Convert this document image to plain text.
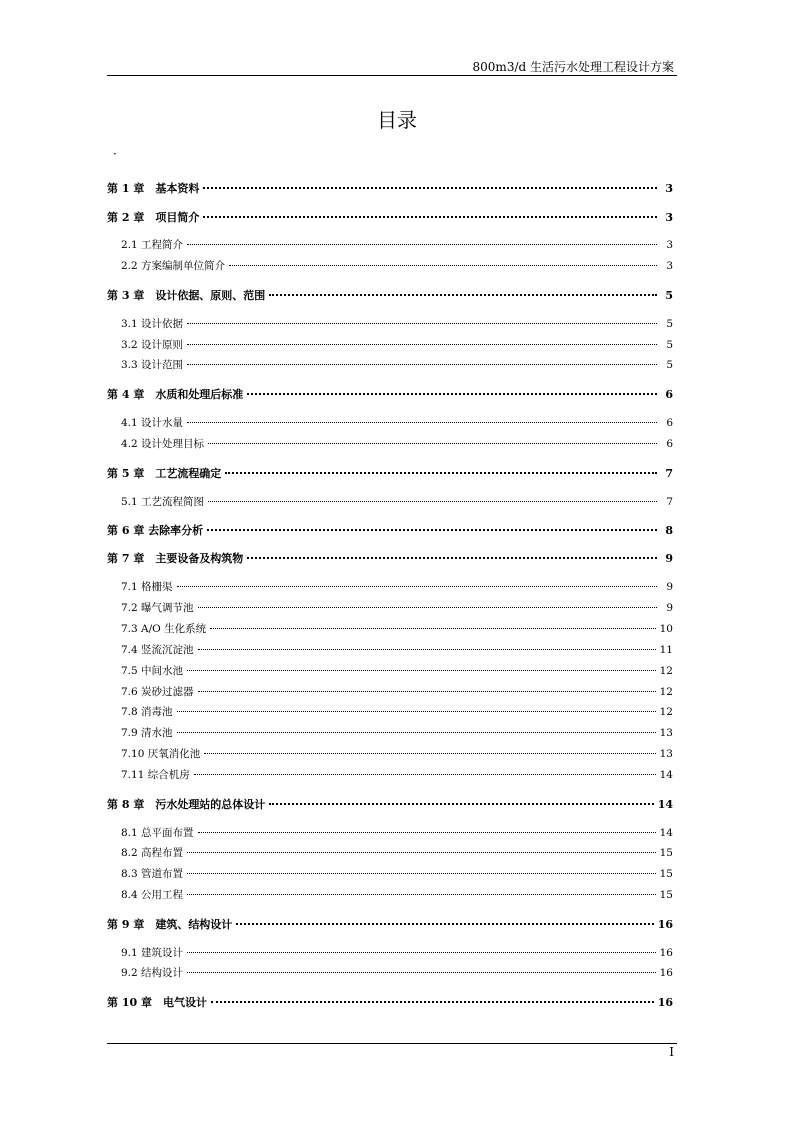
800m3/d 生活污水处理工程设计方案
目录
·
第 1 章　基本资料	3
第 2 章　项目简介	3
2.1 工程简介	3
2.2 方案编制单位简介	3
第 3 章　设计依据、原则、范围	5
3.1 设计依据	5
3.2 设计原则	5
3.3 设计范围	5
第 4 章　水质和处理后标准	6
4.1 设计水量	6
4.2 设计处理目标	6
第 5 章　工艺流程确定	7
5.1 工艺流程简图	7
第 6 章 去除率分析	8
第 7 章　主要设备及构筑物	9
7.1 格栅渠	9
7.2 曝气调节池	9
7.3 A/O 生化系统	10
7.4 竖流沉淀池	11
7.5 中间水池	12
7.6 炭砂过滤器	12
7.8 消毒池	12
7.9 清水池	13
7.10 厌氧消化池	13
7.11 综合机房	14
第 8 章　污水处理站的总体设计	14
8.1 总平面布置	14
8.2 高程布置	15
8.3 管道布置	15
8.4 公用工程	15
第 9 章　建筑、结构设计	16
9.1 建筑设计	16
9.2 结构设计	16
第 10 章　电气设计	16
I
